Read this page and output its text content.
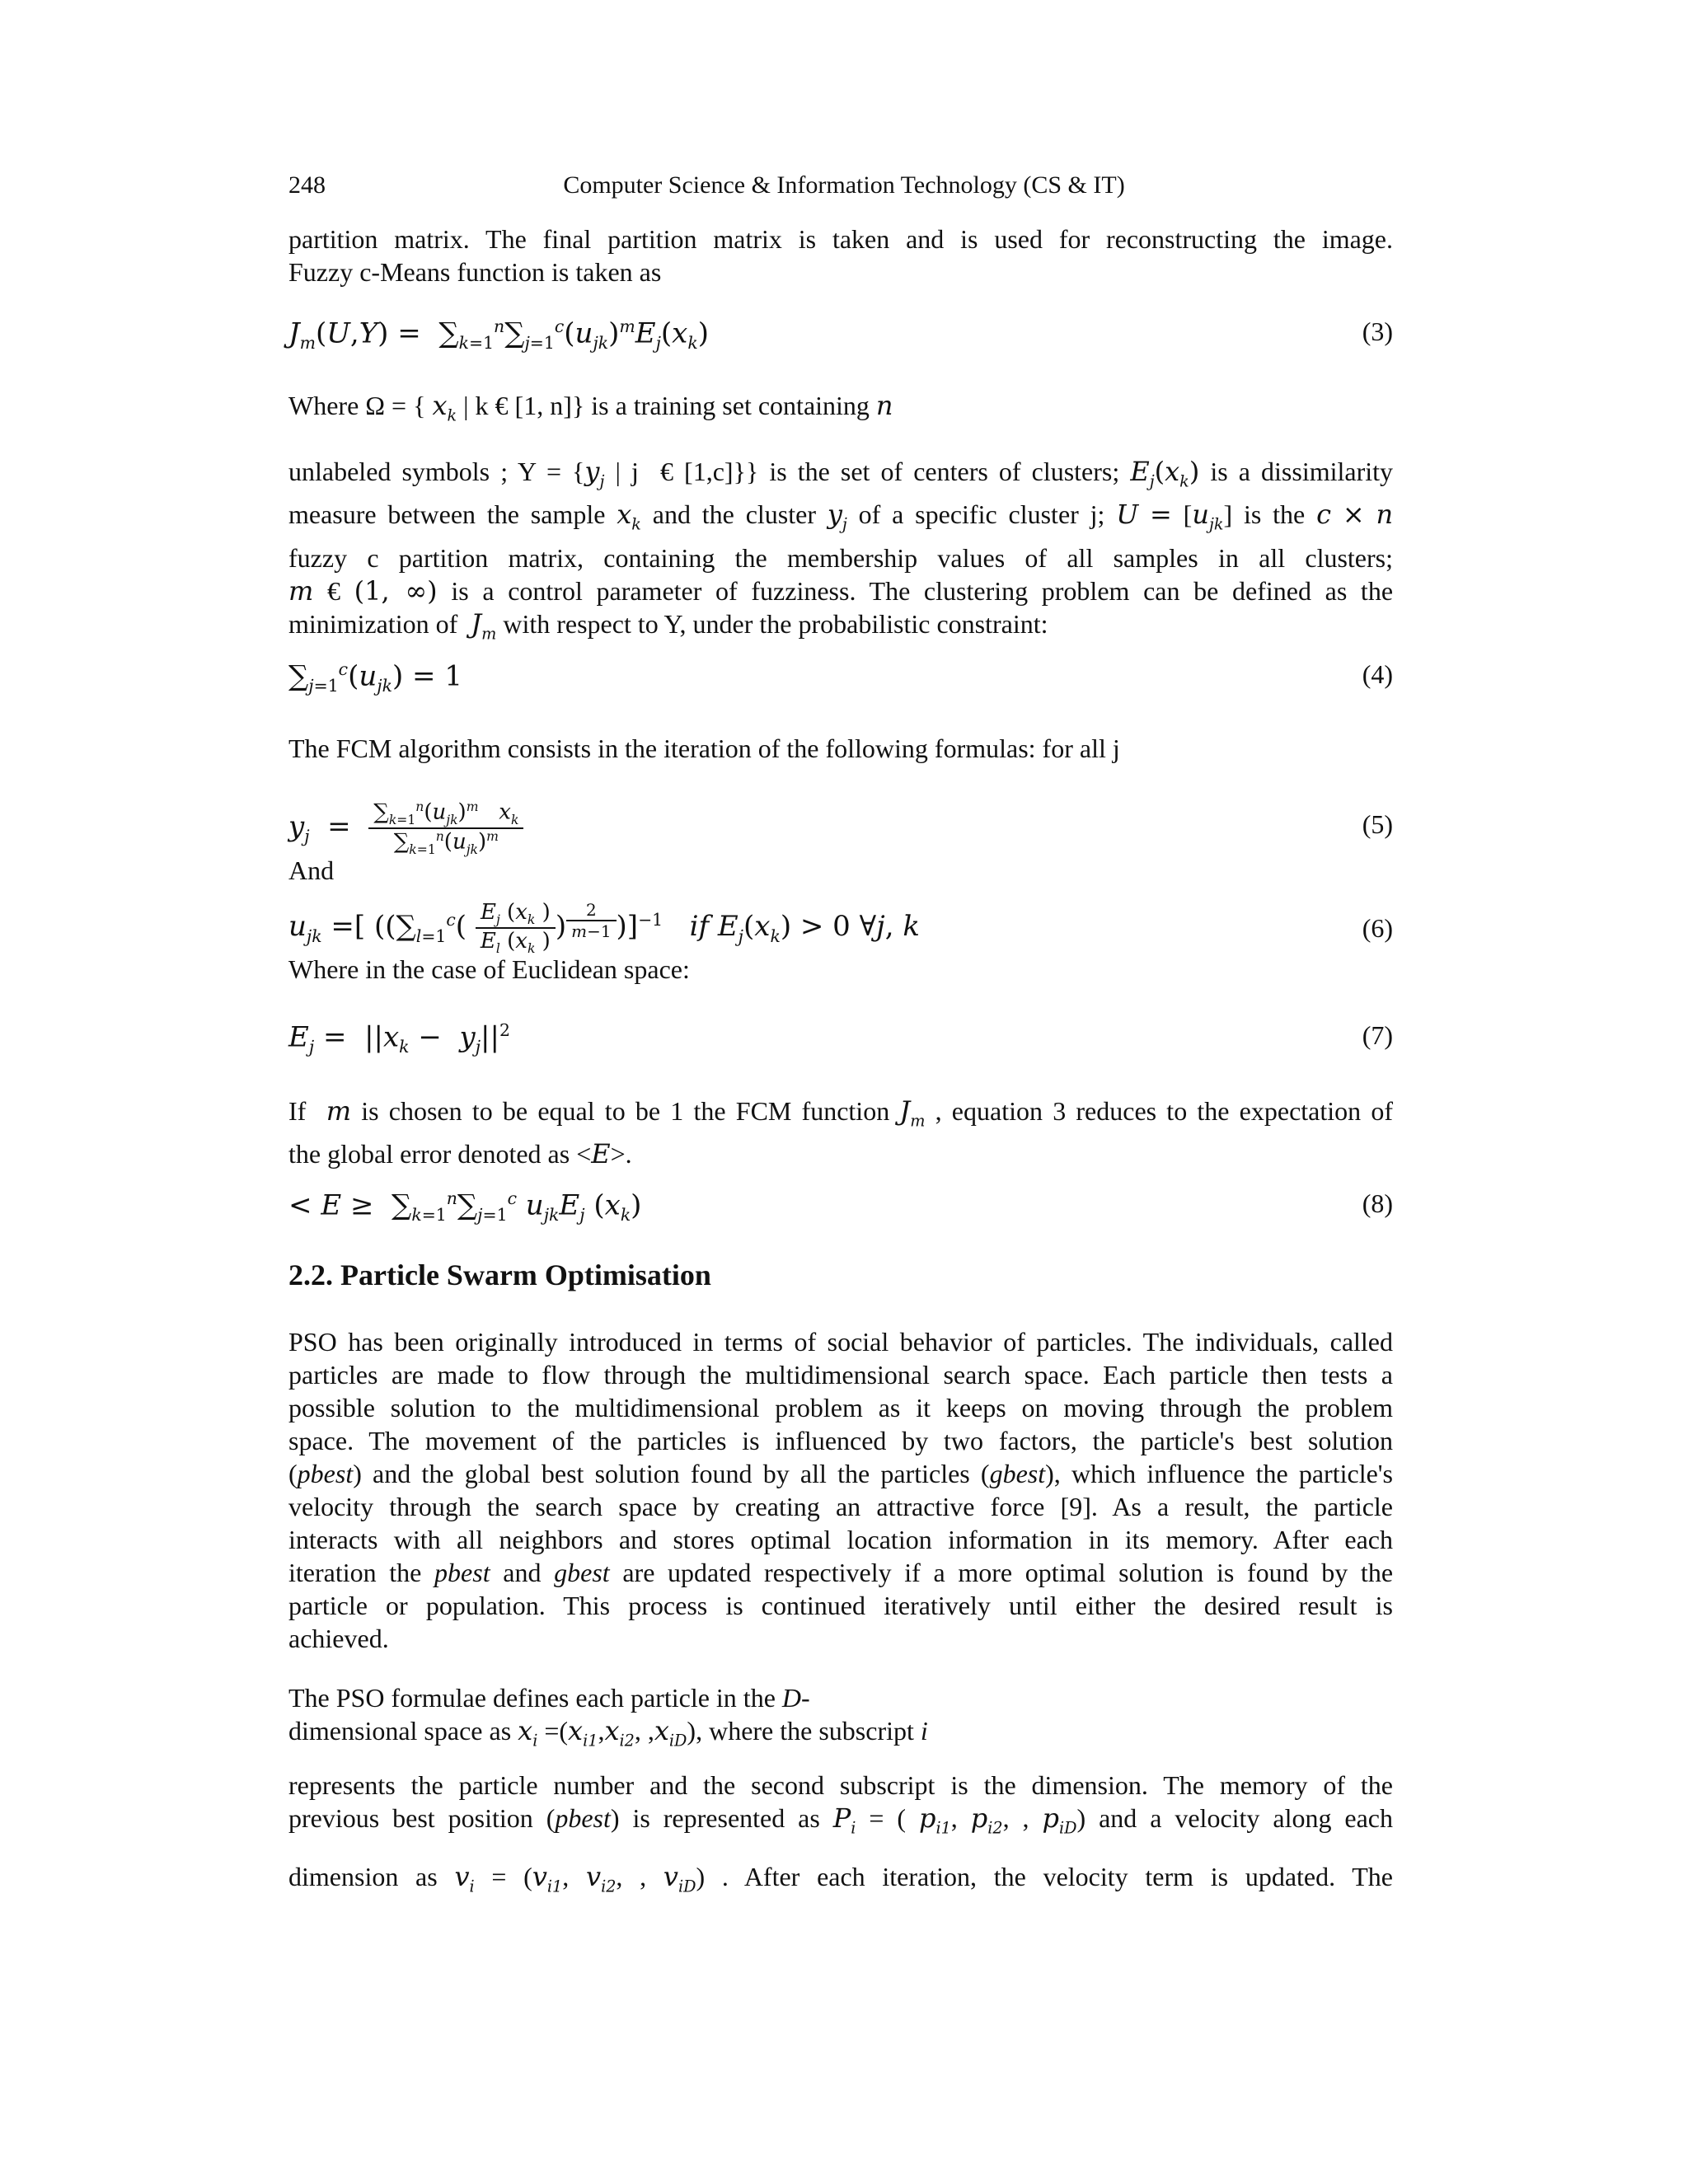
248	Computer Science & Information Technology (CS & IT)
partition matrix. The final partition matrix is taken and is used for reconstructing the image.
Fuzzy c-Means function is taken as
$J_m(U,Y) = \sum_{k=1}^n\sum_{j=1}^c(u_{jk})^mE_j(x_k)$	(3)
Where Ω = { $x_k$ | k € [1, n]} is a training set containing n
unlabeled symbols ; $Y = \{y_j$ | j  € [1,c]}} is the set of centers of clusters; $E_j(x_k)$ is a dissimilarity
measure between the sample $x_k$ and the cluster $y_j$ of a specific cluster j; $U = [u_{jk}]$ is the c × n
fuzzy c partition matrix, containing the membership values of all samples in all clusters;
m € (1, ∞) is a control parameter of fuzziness. The clustering problem can be defined as the
minimization of  $J_m$ with respect to Y, under the probabilistic constraint:
$\sum_{j=1}^c(u_{jk}) = 1$	(4)
The FCM algorithm consists in the iteration of the following formulas: for all j
$y_j = \frac{\sum_{k=1}^n(u_{jk})^m x_k}{\sum_{k=1}^n(u_{jk})^m}$	(5)
And
$u_{jk}$ =[ (($\sum_{l=1}^c( \frac{E_j (x_k )}{E_l (x_k )}$ ) $^{\frac{2}{m-1}}$ )]$^{-1}$ if $E_j(x_k) > 0$ ∀j, k	(6)
Where in the case of Euclidean space:
$E_j = ||x_k - y_j||^2$	(7)
If  m is chosen to be equal to be 1 the FCM function $J_m$ , equation 3 reduces to the expectation of
the global error denoted as <E>.
< $E \ge \sum_{k=1}^n\sum_{j=1}^c$ $u_{jk}E_j$ $(x_k)$	(8)
2.2. Particle Swarm Optimisation
PSO has been originally introduced in terms of social behavior of particles. The individuals, called
particles are made to flow through the multidimensional search space. Each particle then tests a
possible solution to the multidimensional problem as it keeps on moving through the problem
space. The movement of the particles is influenced by two factors, the particle's best solution
(pbest) and the global best solution found by all the particles (gbest), which influence the particle's
velocity through the search space by creating an attractive force [9]. As a result, the particle
interacts with all neighbors and stores optimal location information in its memory. After each
iteration the pbest and gbest are updated respectively if a more optimal solution is found by the
particle or population. This process is continued iteratively until either the desired result is
achieved.
The PSO formulae defines each particle in the D-
dimensional space as $x_i =(x_{i1},x_{i2}$, $,x_{iD}$), where the subscript i
represents the particle number and the second subscript is the dimension. The memory of the
previous best position (pbest) is represented as $P_i$ = ( $p_{i1}$, $p_{i2}$, , $p_{iD}$) and a velocity along each
dimension as $v_i = (v_{i1}$, $v_{i2}$, , $v_{iD}$) . After each iteration, the velocity term is updated. The
